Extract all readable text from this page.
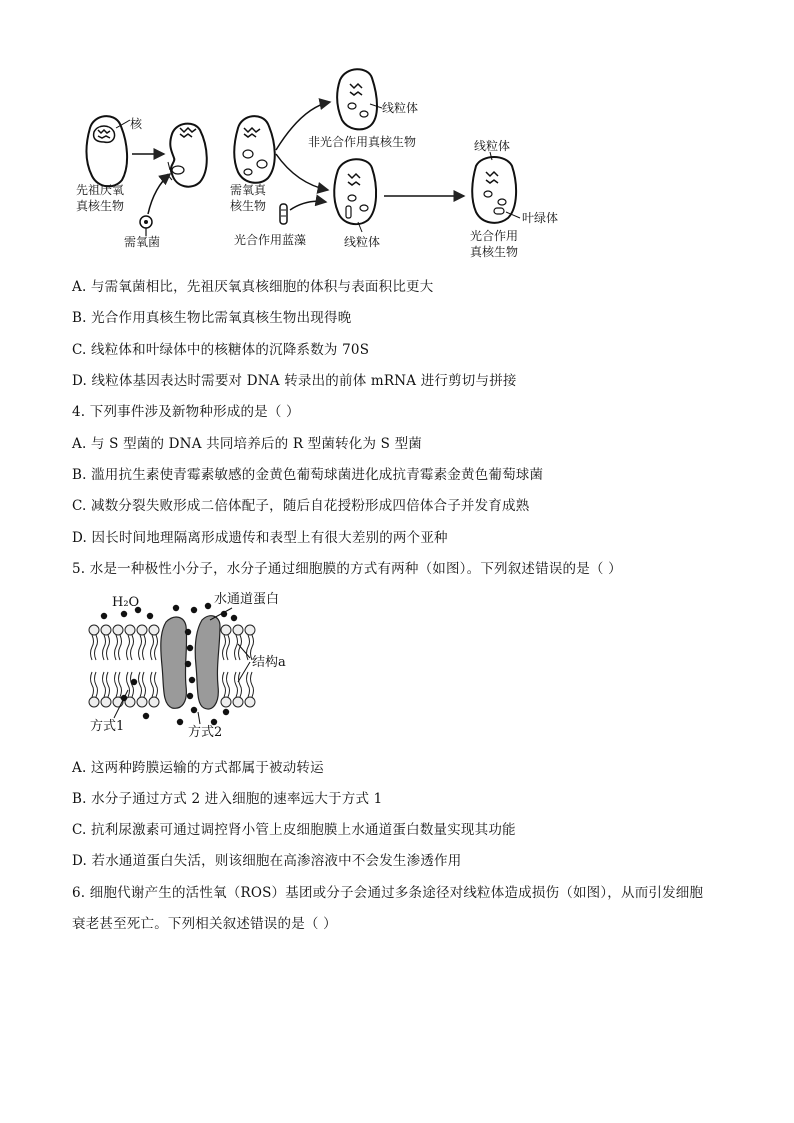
核
先祖厌氧
真核生物
需氧菌
需氧真
核生物
线粒体
非光合作用真核生物
光合作用蓝藻	线粒体
线粒体
叶绿体
光合作用
真核生物
A. 与需氧菌相比，先祖厌氧真核细胞的体积与表面积比更大
B. 光合作用真核生物比需氧真核生物出现得晚
C. 线粒体和叶绿体中的核糖体的沉降系数为 70S
D. 线粒体基因表达时需要对 DNA 转录出的前体 mRNA 进行剪切与拼接
4. 下列事件涉及新物种形成的是（ ）
A. 与 S 型菌的 DNA 共同培养后的 R 型菌转化为 S 型菌
B. 滥用抗生素使青霉素敏感的金黄色葡萄球菌进化成抗青霉素金黄色葡萄球菌
C. 减数分裂失败形成二倍体配子，随后自花授粉形成四倍体合子并发育成熟
D. 因长时间地理隔离形成遗传和表型上有很大差别的两个亚种
5. 水是一种极性小分子，水分子通过细胞膜的方式有两种（如图）。下列叙述错误的是（ ）
H₂O	水通道蛋白
结构a
方式1	方式2
A. 这两种跨膜运输的方式都属于被动转运
B. 水分子通过方式 2 进入细胞的速率远大于方式 1
C. 抗利尿激素可通过调控肾小管上皮细胞膜上水通道蛋白数量实现其功能
D. 若水通道蛋白失活，则该细胞在高渗溶液中不会发生渗透作用
6. 细胞代谢产生的活性氧（ROS）基团或分子会通过多条途径对线粒体造成损伤（如图），从而引发细胞
衰老甚至死亡。下列相关叙述错误的是（ ）
